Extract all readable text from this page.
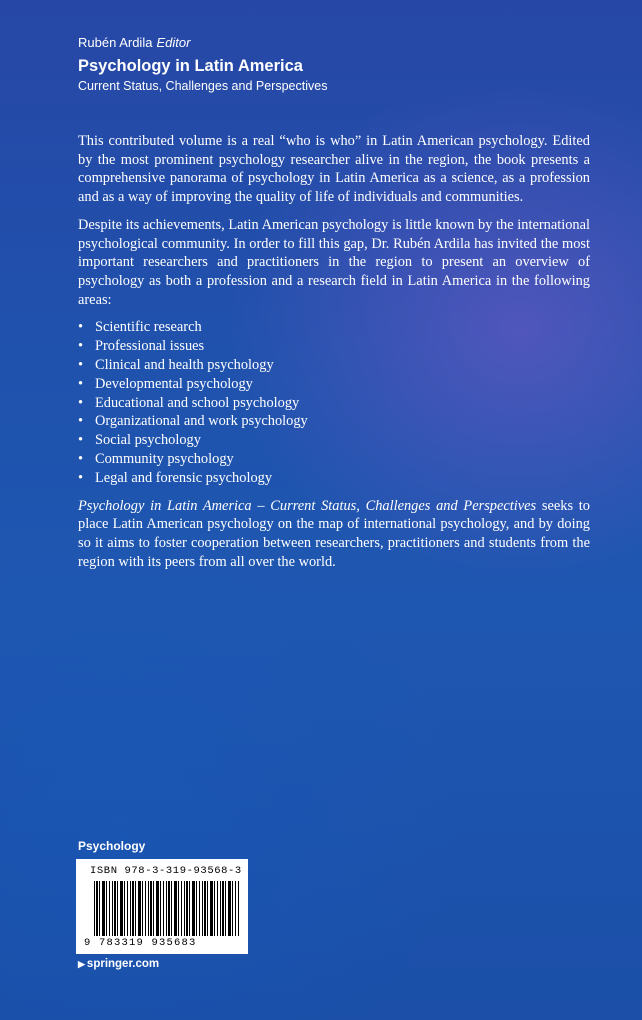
Rubén Ardila Editor
Psychology in Latin America
Current Status, Challenges and Perspectives

This contributed volume is a real “who is who” in Latin American psychology. Edited by the most prominent psychology researcher alive in the region, the book presents a comprehensive panorama of psychology in Latin America as a science, as a profession and as a way of improving the quality of life of individuals and communities.

Despite its achievements, Latin American psychology is little known by the international psychological community. In order to fill this gap, Dr. Rubén Ardila has invited the most important researchers and practitioners in the region to present an overview of psychology as both a profession and a research field in Latin America in the following areas:

• Scientific research
• Professional issues
• Clinical and health psychology
• Developmental psychology
• Educational and school psychology
• Organizational and work psychology
• Social psychology
• Community psychology
• Legal and forensic psychology

Psychology in Latin America – Current Status, Challenges and Perspectives seeks to place Latin American psychology on the map of international psychology, and by doing so it aims to foster cooperation between researchers, practitioners and students from the region with its peers from all over the world.

Psychology
ISBN 978-3-319-93568-3
9 783319 935683
▶ springer.com
